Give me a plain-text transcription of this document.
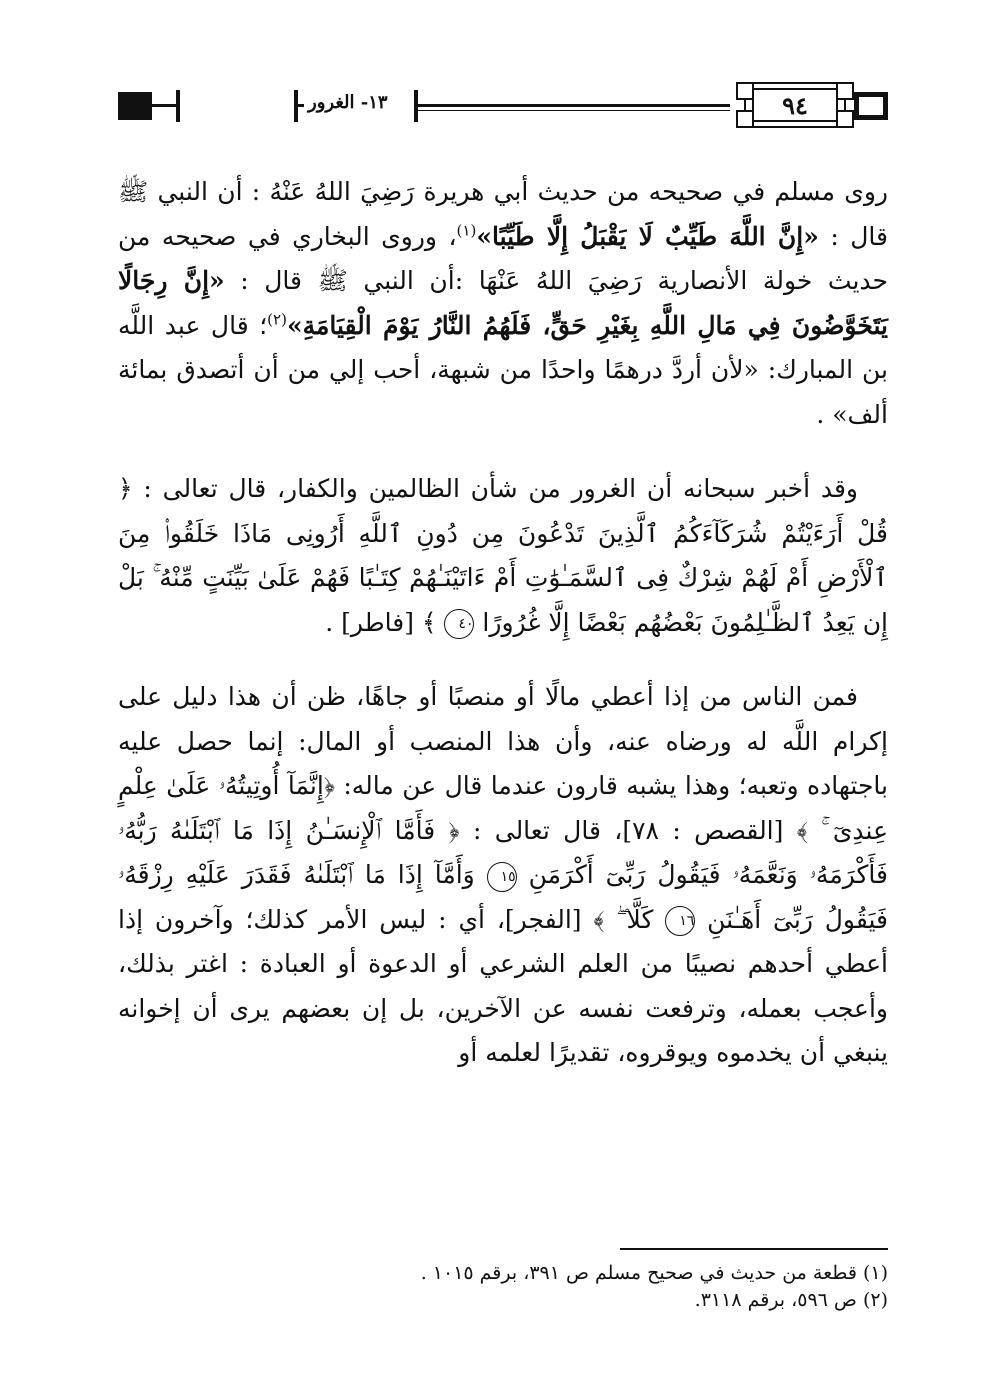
١٣- الغرور	٩٤

روى مسلم في صحيحه من حديث أبي هريرة رَضِيَ اللهُ عَنْهُ : أن النبي ﷺ قال : «إِنَّ اللَّهَ طَيِّبٌ لَا يَقْبَلُ إِلَّا طَيِّبًا»$^{(١)}$، وروى البخاري في صحيحه من حديث خولة الأنصارية رَضِيَ اللهُ عَنْهَا :أن النبي ﷺ قال : «إِنَّ رِجَالًا يَتَخَوَّضُونَ فِي مَالِ اللَّهِ بِغَيْرِ حَقٍّ، فَلَهُمُ النَّارُ يَوْمَ الْقِيَامَةِ»$^{(٢)}$؛ قال عبد اللَّه بن المبارك: «لأن أردَّ درهمًا واحدًا من شبهة، أحب إلي من أن أتصدق بمائة ألف» .

وقد أخبر سبحانه أن الغرور من شأن الظالمين والكفار، قال تعالى : ﴿ قُلْ أَرَءَيْتُمْ شُرَكَآءَكُمُ ٱلَّذِينَ تَدْعُونَ مِن دُونِ ٱللَّهِ أَرُونِى مَاذَا خَلَقُوا۟ مِنَ ٱلْأَرْضِ أَمْ لَهُمْ شِرْكٌ فِى ٱلسَّمَـٰوَٰتِ أَمْ ءَاتَيْنَـٰهُمْ كِتَـٰبًا فَهُمْ عَلَىٰ بَيِّنَتٍ مِّنْهُ ۚ بَلْ إِن يَعِدُ ٱلظَّـٰلِمُونَ بَعْضُهُم بَعْضًا إِلَّا غُرُورًا ٤٠ ﴾ [فاطر] .

فمن الناس من إذا أعطي مالًا أو منصبًا أو جاهًا، ظن أن هذا دليل على إكرام اللَّه له ورضاه عنه، وأن هذا المنصب أو المال: إنما حصل عليه باجتهاده وتعبه؛ وهذا يشبه قارون عندما قال عن ماله: ﴿إِنَّمَآ أُوتِيتُهُۥ عَلَىٰ عِلْمٍ عِندِىٓ ۚ ﴾ [القصص : ٧٨]، قال تعالى : ﴿ فَأَمَّا ٱلْإِنسَـٰنُ إِذَا مَا ٱبْتَلَىٰهُ رَبُّهُۥ فَأَكْرَمَهُۥ وَنَعَّمَهُۥ فَيَقُولُ رَبِّىٓ أَكْرَمَنِ ١٥ وَأَمَّآ إِذَا مَا ٱبْتَلَىٰهُ فَقَدَرَ عَلَيْهِ رِزْقَهُۥ فَيَقُولُ رَبِّىٓ أَهَـٰنَنِ ١٦ كَلَّا ۖ ﴾ [الفجر]، أي : ليس الأمر كذلك؛ وآخرون إذا أعطي أحدهم نصيبًا من العلم الشرعي أو الدعوة أو العبادة : اغتر بذلك، وأعجب بعمله، وترفعت نفسه عن الآخرين، بل إن بعضهم يرى أن إخوانه ينبغي أن يخدموه ويوقروه، تقديرًا لعلمه أو

(١) قطعة من حديث في صحيح مسلم ص ٣٩١، برقم ١٠١٥ .
(٢) ص ٥٩٦، برقم ٣١١٨.
